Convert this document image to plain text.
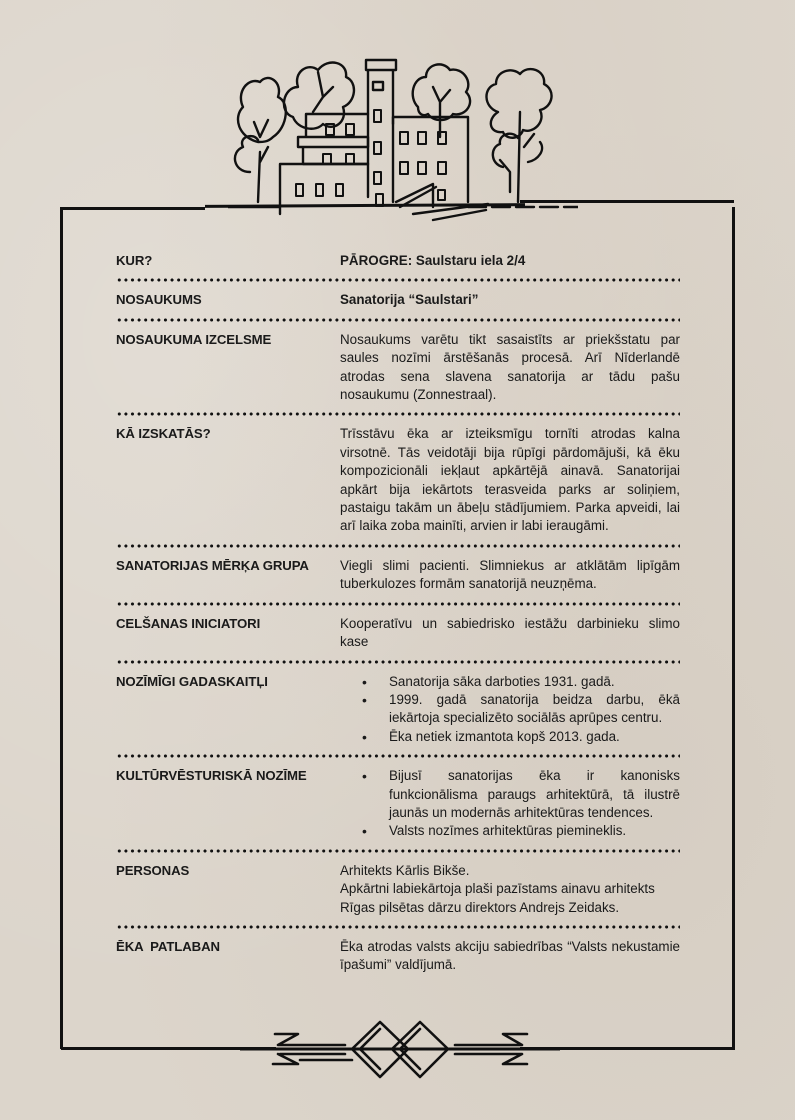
KUR?	PĀROGRE: Saulstaru iela 2/4
NOSAUKUMS	Sanatorija “Saulstari”
NOSAUKUMA IZCELSME	Nosaukums varētu tikt sasaistīts ar priekšstatu par saules nozīmi ārstēšanās procesā. Arī Nīderlandē atrodas sena slavena sanatorija ar tādu pašu nosaukumu (Zonnestraal).
KĀ IZSKATĀS?	Trīsstāvu ēka ar izteiksmīgu tornīti atrodas kalna virsotnē. Tās veidotāji bija rūpīgi pārdomājuši, kā ēku kompozicionāli iekļaut apkārtējā ainavā. Sanatorijai apkārt bija iekārtots terasveida parks ar soliņiem, pastaigu takām un ābeļu stādījumiem. Parka apveidi, lai arī laika zoba mainīti, arvien ir labi ieraugāmi.
SANATORIJAS MĒRĶA GRUPA	Viegli slimi pacienti. Slimniekus ar atklātām lipīgām tuberkulozes formām sanatorijā neuzņēma.
CELŠANAS INICIATORI	Kooperatīvu un sabiedrisko iestāžu darbinieku slimo kase
NOZĪMĪGI GADASKAITĻI	• Sanatorija sāka darboties 1931. gadā.
• 1999. gadā sanatorija beidza darbu, ēkā iekārtoja specializēto sociālās aprūpes centru.
• Ēka netiek izmantota kopš 2013. gada.
KULTŪRVĒSTURISKĀ NOZĪME	• Bijusī sanatorijas ēka ir kanonisks funkcionālisma paraugs arhitektūrā, tā ilustrē jaunās un modernās arhitektūras tendences.
• Valsts nozīmes arhitektūras piemineklis.
PERSONAS	Arhitekts Kārlis Bikše.
Apkārtni labiekārtoja plaši pazīstams ainavu arhitekts Rīgas pilsētas dārzu direktors Andrejs Zeidaks.
ĒKA  PATLABAN	Ēka atrodas valsts akciju sabiedrības “Valsts nekustamie īpašumi” valdījumā.
